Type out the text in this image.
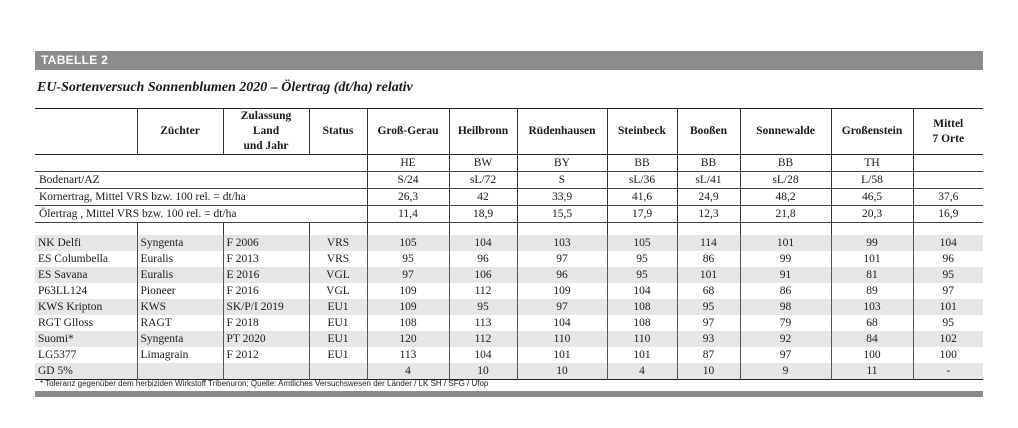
TABELLE 2
EU-Sortenversuch Sonnenblumen 2020 – Ölertrag (dt/ha) relativ
	Züchter	Zulassung Land
und Jahr	Status	Groß-Gerau	Heilbronn	Rüdenhausen	Steinbeck	Booßen	Sonnewalde	Großenstein	Mittel
7 Orte
				HE	BW	BY	BB	BB	BB	TH	
Bodenart/AZ				S/24	sL/72	S	sL/36	sL/41	sL/28	L/58	
Kornertrag, Mittel VRS bzw. 100 rel. = dt/ha				26,3	42	33,9	41,6	24,9	48,2	46,5	37,6
Ölertrag , Mittel VRS bzw. 100 rel. = dt/ha				11,4	18,9	15,5	17,9	12,3	21,8	20,3	16,9

NK Delfi	Syngenta	F 2006	VRS	105	104	103	105	114	101	99	104
ES Columbella	Euralis	F 2013	VRS	95	96	97	95	86	99	101	96
ES Savana	Euralis	E 2016	VGL	97	106	96	95	101	91	81	95
P63LL124	Pioneer	F 2016	VGL	109	112	109	104	68	86	89	97
KWS Kripton	KWS	SK/P/I 2019	EU1	109	95	97	108	95	98	103	101
RGT Glloss	RAGT	F 2018	EU1	108	113	104	108	97	79	68	95
Suomi*	Syngenta	PT 2020	EU1	120	112	110	110	93	92	84	102
LG5377	Limagrain	F 2012	EU1	113	104	101	101	87	97	100	100
GD 5%				4	10	10	4	10	9	11	-
* Toleranz gegenüber dem herbiziden Wirkstoff Tribenuron; Quelle: Amtliches Versuchswesen der Länder / LK SH / SFG / Ufop
